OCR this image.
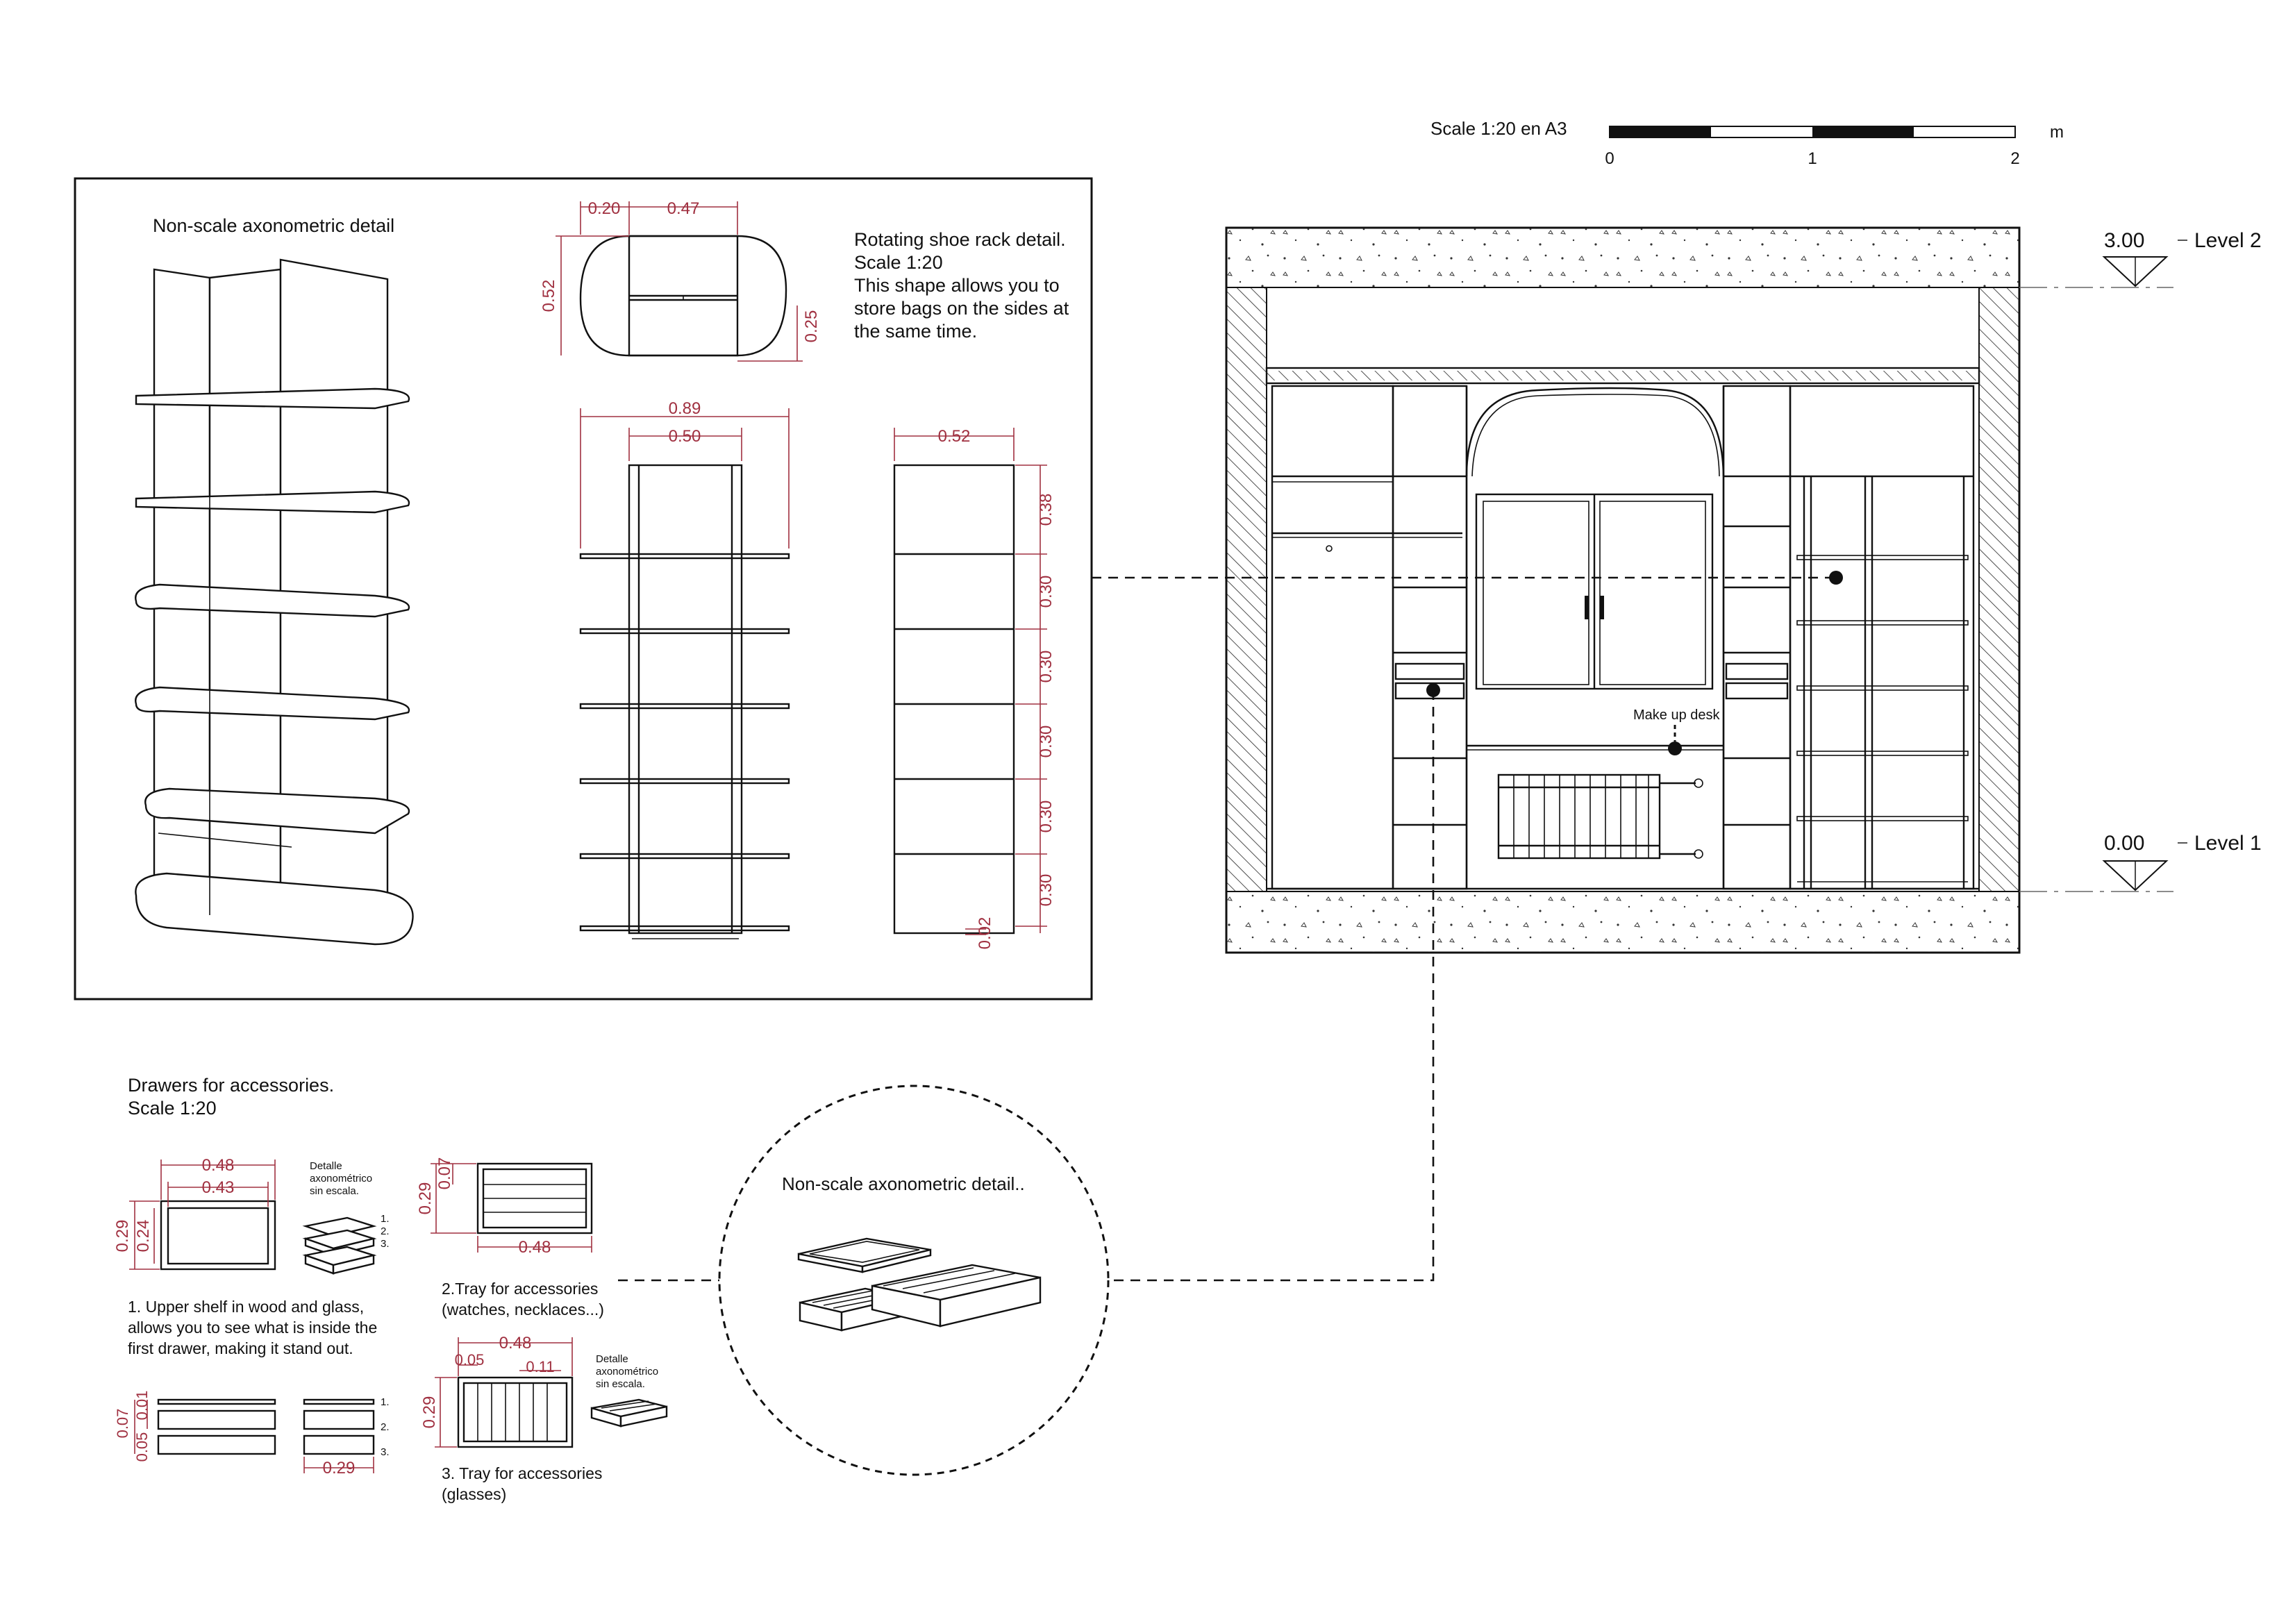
Scale 1:20 en A3
0	1	2
m
Non-scale axonometric detail
0.20	0.47
0.52
0.25
0.89
0.50	0.52
0.38
0.30
0.30
0.30
0.30
0.30
0.02
Rotating shoe rack detail.
Scale 1:20
This shape allows you to
store bags on the sides at
the same time.
Make up desk
3.00 Level 2
0.00 Level 1
Drawers for accessories.
Scale 1:20
0.48
0.43
0.29 0.24
Detalle
axonométrico
sin escala.
1.
2.
3.
1. Upper shelf in wood and glass,
allows you to see what is inside the
first drawer, making it stand out.
1.
2.
3.
0.07
0.01
0.05
0.29
0.29
0.07
0.48
2.Tray for accessories
(watches, necklaces...)
0.48
0.05	0.11
0.29
Detalle
axonométrico
sin escala.
3. Tray for accessories
(glasses)
Non-scale axonometric detail..
